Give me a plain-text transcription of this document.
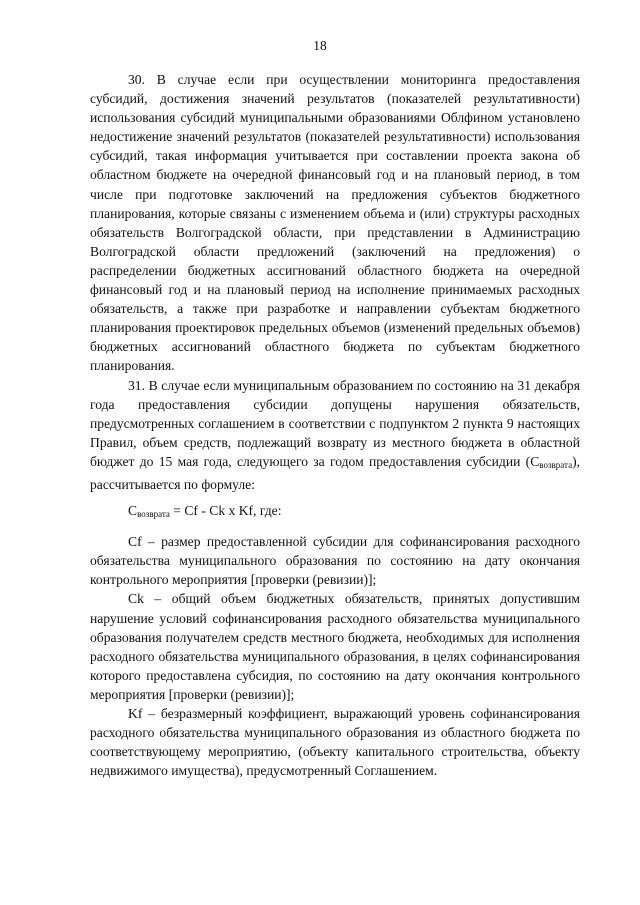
18

30. В случае если при осуществлении мониторинга предоставления субсидий, достижения значений результатов (показателей результативности) использования субсидий муниципальными образованиями Облфином установлено недостижение значений результатов (показателей результативности) использования субсидий, такая информация учитывается при составлении проекта закона об областном бюджете на очередной финансовый год и на плановый период, в том числе при подготовке заключений на предложения субъектов бюджетного планирования, которые связаны с изменением объема и (или) структуры расходных обязательств Волгоградской области, при представлении в Администрацию Волгоградской области предложений (заключений на предложения) о распределении бюджетных ассигнований областного бюджета на очередной финансовый год и на плановый период на исполнение принимаемых расходных обязательств, а также при разработке и направлении субъектам бюджетного планирования проектировок предельных объемов (изменений предельных объемов) бюджетных ассигнований областного бюджета по субъектам бюджетного планирования.

31. В случае если муниципальным образованием по состоянию на 31 декабря года предоставления субсидии допущены нарушения обязательств, предусмотренных соглашением в соответствии с подпунктом 2 пункта 9 настоящих Правил, объем средств, подлежащий возврату из местного бюджета в областной бюджет до 15 мая года, следующего за годом предоставления субсидии $(С_{возврата})$, рассчитывается по формуле:

$С_{возврата} = Cf - Ck$ x Kf, где:

Cf – размер предоставленной субсидии для софинансирования расходного обязательства муниципального образования по состоянию на дату окончания контрольного мероприятия [проверки (ревизии)];

Ck – общий объем бюджетных обязательств, принятых допустившим нарушение условий софинансирования расходного обязательства муниципального образования получателем средств местного бюджета, необходимых для исполнения расходного обязательства муниципального образования, в целях софинансирования которого предоставлена субсидия, по состоянию на дату окончания контрольного мероприятия [проверки (ревизии)];

Kf – безразмерный коэффициент, выражающий уровень софинансирования расходного обязательства муниципального образования из областного бюджета по соответствующему мероприятию, (объекту капитального строительства, объекту недвижимого имущества), предусмотренный Соглашением.
